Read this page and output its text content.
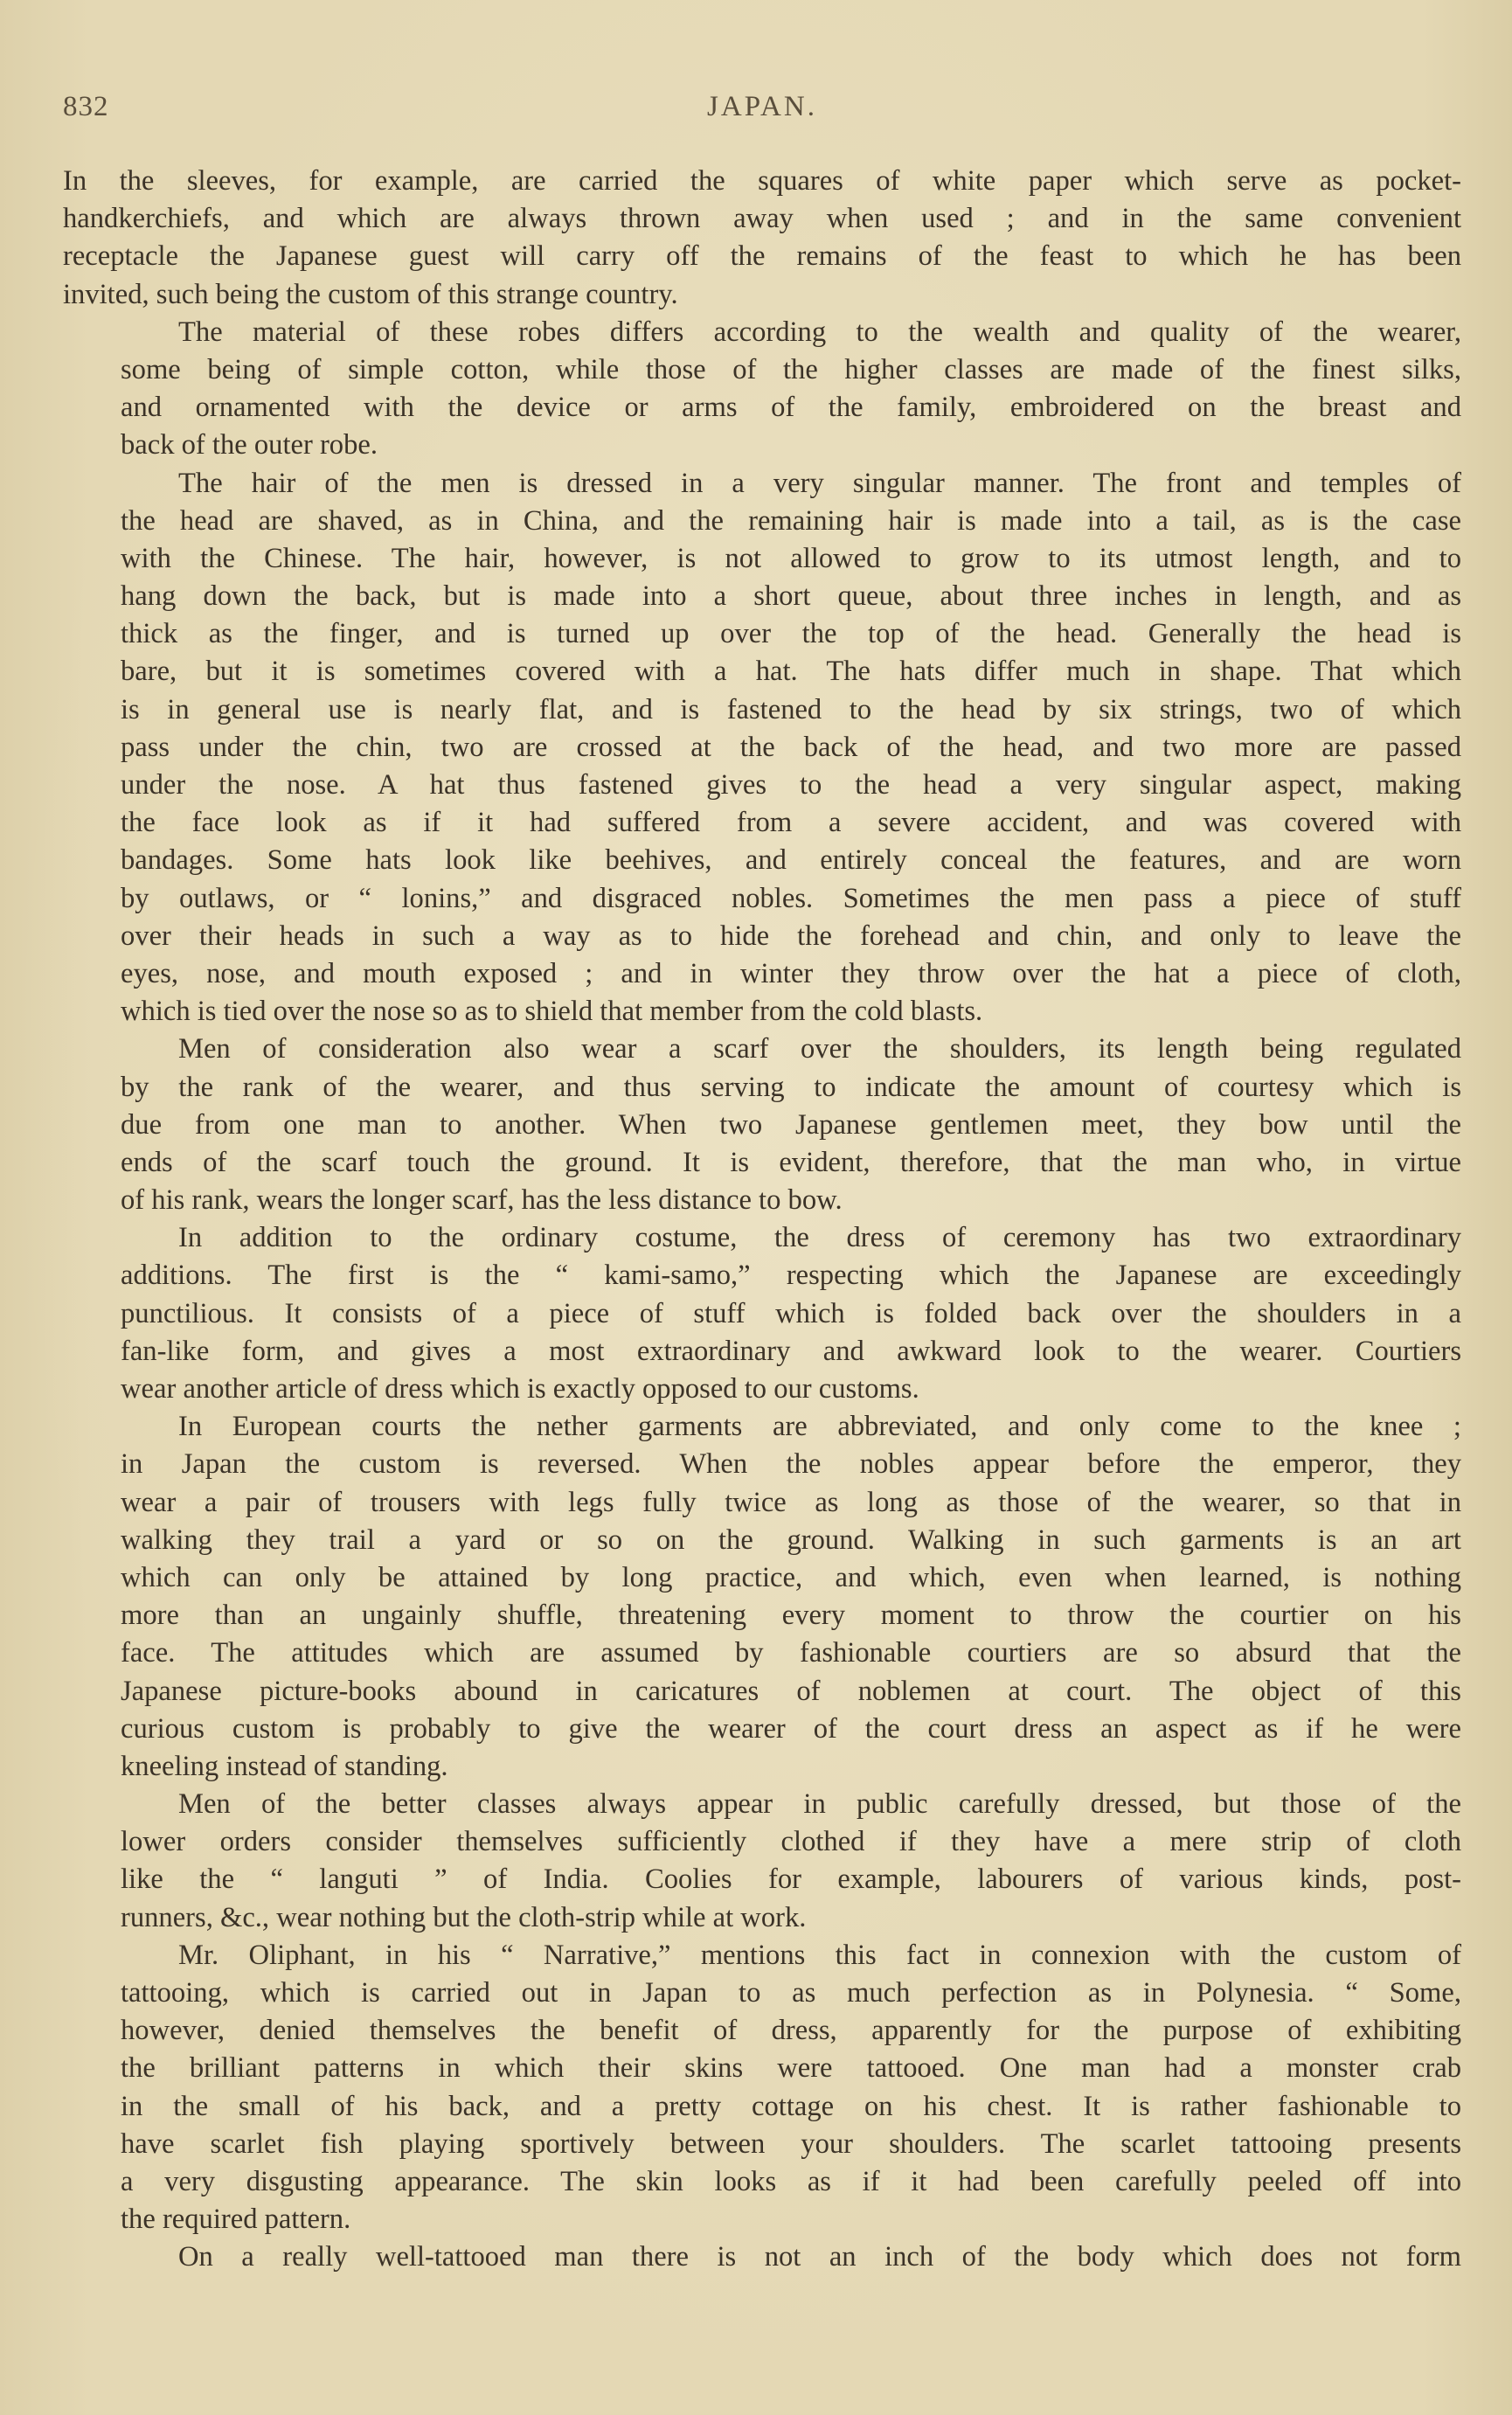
832	JAPAN.
In the sleeves, for example, are carried the squares of white paper which serve as pocket-
handkerchiefs, and which are always thrown away when used ; and in the same convenient
receptacle the Japanese guest will carry off the remains of the feast to which he has been
invited, such being the custom of this strange country.
The material of these robes differs according to the wealth and quality of the wearer,
some being of simple cotton, while those of the higher classes are made of the finest silks,
and ornamented with the device or arms of the family, embroidered on the breast and
back of the outer robe.
The hair of the men is dressed in a very singular manner. The front and temples of
the head are shaved, as in China, and the remaining hair is made into a tail, as is the case
with the Chinese. The hair, however, is not allowed to grow to its utmost length, and to
hang down the back, but is made into a short queue, about three inches in length, and as
thick as the finger, and is turned up over the top of the head. Generally the head is
bare, but it is sometimes covered with a hat. The hats differ much in shape. That which
is in general use is nearly flat, and is fastened to the head by six strings, two of which
pass under the chin, two are crossed at the back of the head, and two more are passed
under the nose. A hat thus fastened gives to the head a very singular aspect, making
the face look as if it had suffered from a severe accident, and was covered with
bandages. Some hats look like beehives, and entirely conceal the features, and are worn
by outlaws, or “ lonins,” and disgraced nobles. Sometimes the men pass a piece of stuff
over their heads in such a way as to hide the forehead and chin, and only to leave the
eyes, nose, and mouth exposed ; and in winter they throw over the hat a piece of cloth,
which is tied over the nose so as to shield that member from the cold blasts.
Men of consideration also wear a scarf over the shoulders, its length being regulated
by the rank of the wearer, and thus serving to indicate the amount of courtesy which is
due from one man to another. When two Japanese gentlemen meet, they bow until the
ends of the scarf touch the ground. It is evident, therefore, that the man who, in virtue
of his rank, wears the longer scarf, has the less distance to bow.
In addition to the ordinary costume, the dress of ceremony has two extraordinary
additions. The first is the “ kami-samo,” respecting which the Japanese are exceedingly
punctilious. It consists of a piece of stuff which is folded back over the shoulders in a
fan-like form, and gives a most extraordinary and awkward look to the wearer. Courtiers
wear another article of dress which is exactly opposed to our customs.
In European courts the nether garments are abbreviated, and only come to the knee ;
in Japan the custom is reversed. When the nobles appear before the emperor, they
wear a pair of trousers with legs fully twice as long as those of the wearer, so that in
walking they trail a yard or so on the ground. Walking in such garments is an art
which can only be attained by long practice, and which, even when learned, is nothing
more than an ungainly shuffle, threatening every moment to throw the courtier on his
face. The attitudes which are assumed by fashionable courtiers are so absurd that the
Japanese picture-books abound in caricatures of noblemen at court. The object of this
curious custom is probably to give the wearer of the court dress an aspect as if he were
kneeling instead of standing.
Men of the better classes always appear in public carefully dressed, but those of the
lower orders consider themselves sufficiently clothed if they have a mere strip of cloth
like the “ languti ” of India. Coolies for example, labourers of various kinds, post-
runners, &c., wear nothing but the cloth-strip while at work.
Mr. Oliphant, in his “ Narrative,” mentions this fact in connexion with the custom of
tattooing, which is carried out in Japan to as much perfection as in Polynesia. “ Some,
however, denied themselves the benefit of dress, apparently for the purpose of exhibiting
the brilliant patterns in which their skins were tattooed. One man had a monster crab
in the small of his back, and a pretty cottage on his chest. It is rather fashionable to
have scarlet fish playing sportively between your shoulders. The scarlet tattooing presents
a very disgusting appearance. The skin looks as if it had been carefully peeled off into
the required pattern.
On a really well-tattooed man there is not an inch of the body which does not form
